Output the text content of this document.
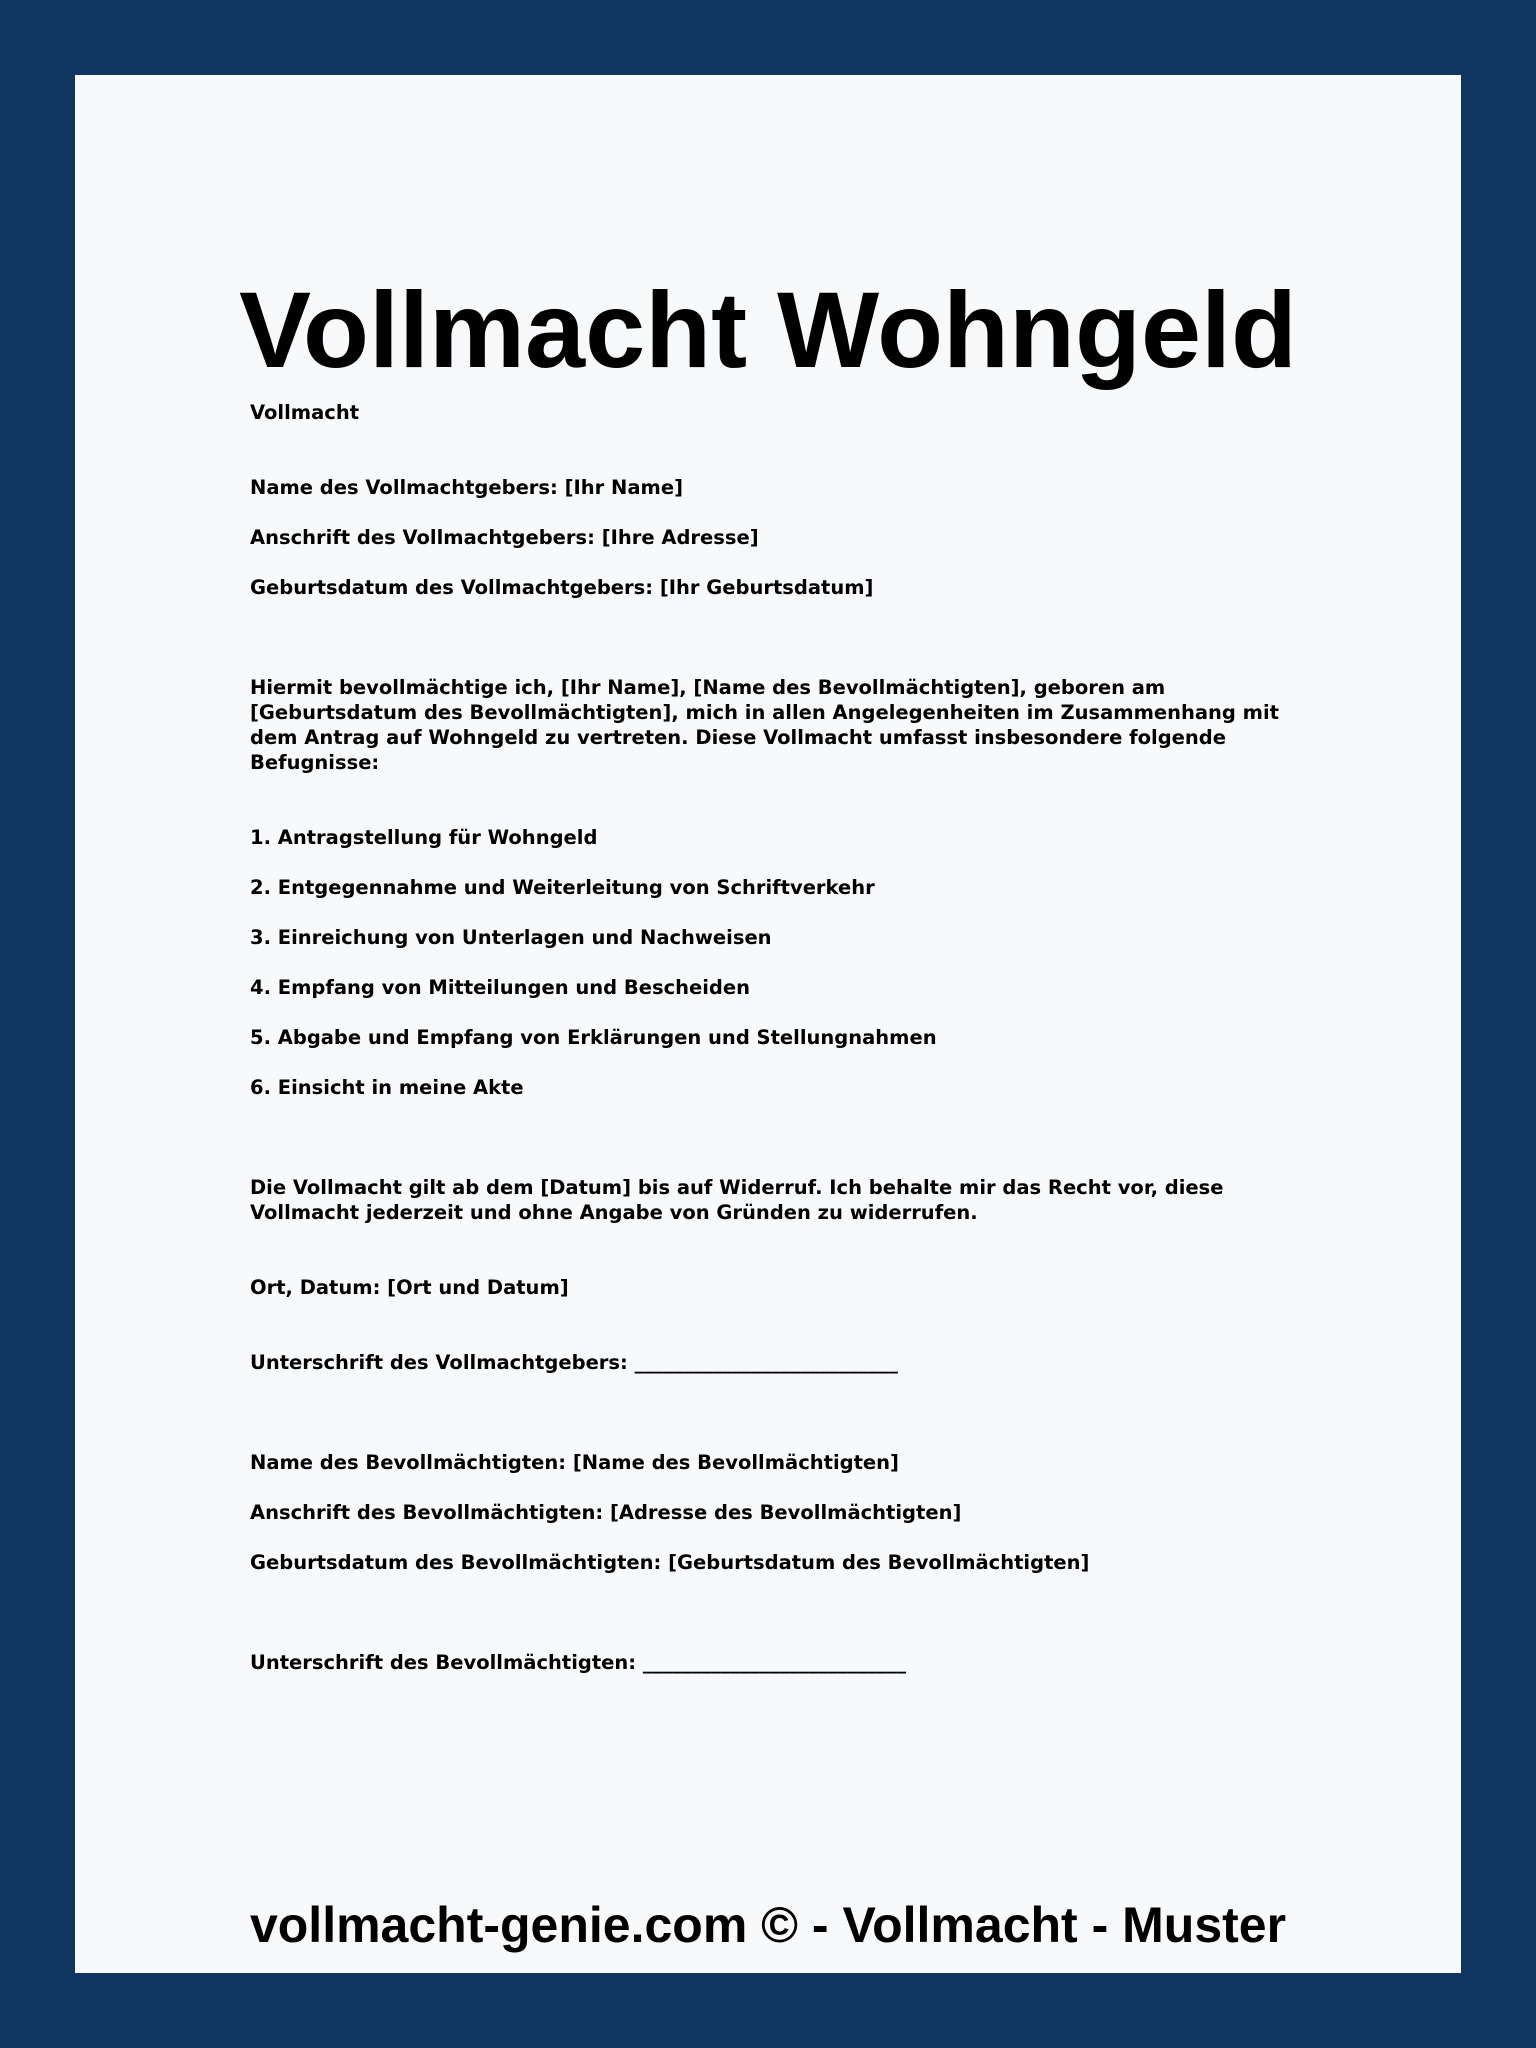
Vollmacht Wohngeld

Vollmacht

Name des Vollmachtgebers: [Ihr Name]

Anschrift des Vollmachtgebers: [Ihre Adresse]

Geburtsdatum des Vollmachtgebers: [Ihr Geburtsdatum]

Hiermit bevollmächtige ich, [Ihr Name], [Name des Bevollmächtigten], geboren am [Geburtsdatum des Bevollmächtigten], mich in allen Angelegenheiten im Zusammenhang mit dem Antrag auf Wohngeld zu vertreten. Diese Vollmacht umfasst insbesondere folgende Befugnisse:

1. Antragstellung für Wohngeld

2. Entgegennahme und Weiterleitung von Schriftverkehr

3. Einreichung von Unterlagen und Nachweisen

4. Empfang von Mitteilungen und Bescheiden

5. Abgabe und Empfang von Erklärungen und Stellungnahmen

6. Einsicht in meine Akte

Die Vollmacht gilt ab dem [Datum] bis auf Widerruf. Ich behalte mir das Recht vor, diese Vollmacht jederzeit und ohne Angabe von Gründen zu widerrufen.

Ort, Datum: [Ort und Datum]

Unterschrift des Vollmachtgebers: ___________________________

Name des Bevollmächtigten: [Name des Bevollmächtigten]

Anschrift des Bevollmächtigten: [Adresse des Bevollmächtigten]

Geburtsdatum des Bevollmächtigten: [Geburtsdatum des Bevollmächtigten]

Unterschrift des Bevollmächtigten: ___________________________

vollmacht-genie.com © - Vollmacht - Muster
